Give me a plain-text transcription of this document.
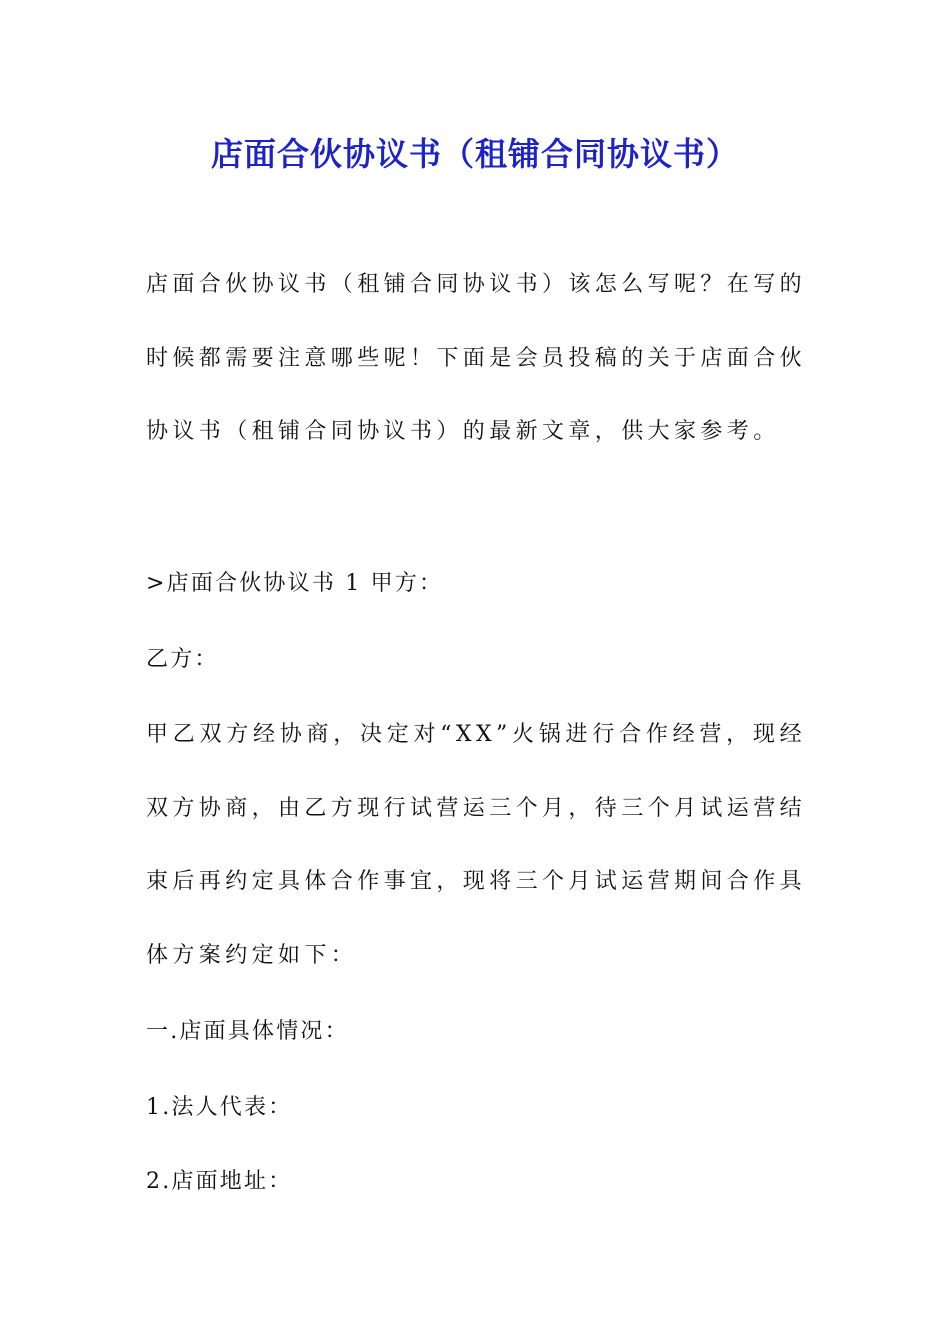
店面合伙协议书（租铺合同协议书）

店面合伙协议书（租铺合同协议书）该怎么写呢？在写的时候都需要注意哪些呢！下面是会员投稿的关于店面合伙协议书（租铺合同协议书）的最新文章，供大家参考。

>店面合伙协议书 1 甲方：

乙方：

甲乙双方经协商，决定对“XX”火锅进行合作经营，现经双方协商，由乙方现行试营运三个月，待三个月试运营结束后再约定具体合作事宜，现将三个月试运营期间合作具体方案约定如下：

一.店面具体情况：

1.法人代表：

2.店面地址：
